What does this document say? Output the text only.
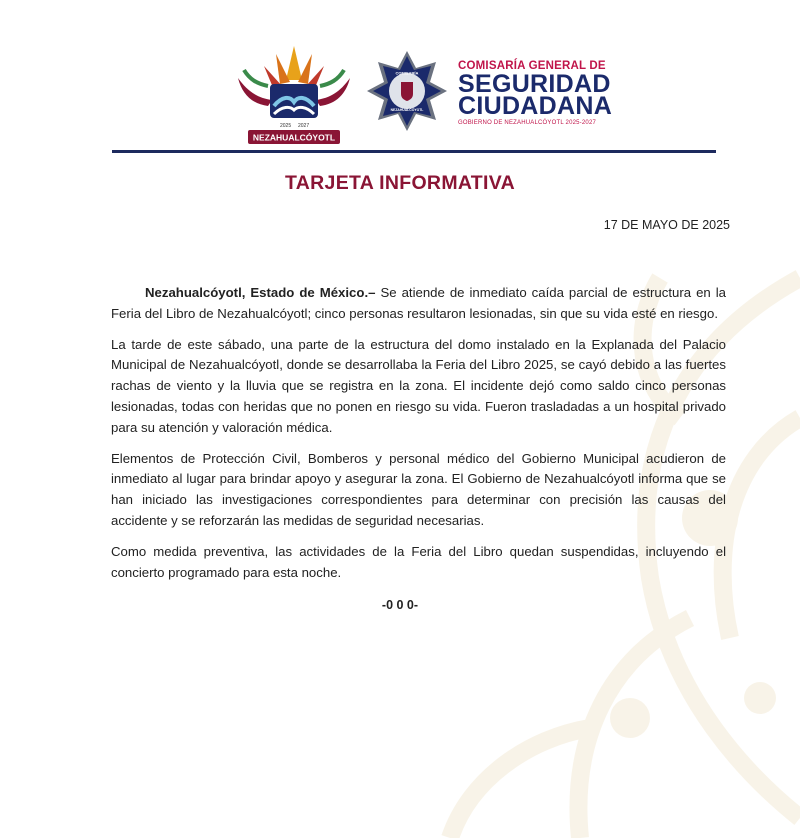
2025 2027
NEZAHUALCÓYOTL
COMISARÍA
NEZAHUALCÓYOTL
COMISARÍA GENERAL DE
SEGURIDAD
CIUDADANA
GOBIERNO DE NEZAHUALCÓYOTL 2025-2027
TARJETA INFORMATIVA
17 DE MAYO DE 2025

Nezahualcóyotl, Estado de México.– Se atiende de inmediato caída parcial de estructura en la Feria del Libro de Nezahualcóyotl; cinco personas resultaron lesionadas, sin que su vida esté en riesgo.

La tarde de este sábado, una parte de la estructura del domo instalado en la Explanada del Palacio Municipal de Nezahualcóyotl, donde se desarrollaba la Feria del Libro 2025, se cayó debido a las fuertes rachas de viento y la lluvia que se registra en la zona. El incidente dejó como saldo cinco personas lesionadas, todas con heridas que no ponen en riesgo su vida. Fueron trasladadas a un hospital privado para su atención y valoración médica.

Elementos de Protección Civil, Bomberos y personal médico del Gobierno Municipal acudieron de inmediato al lugar para brindar apoyo y asegurar la zona. El Gobierno de Nezahualcóyotl informa que se han iniciado las investigaciones correspondientes para determinar con precisión las causas del accidente y se reforzarán las medidas de seguridad necesarias.

Como medida preventiva, las actividades de la Feria del Libro quedan suspendidas, incluyendo el concierto programado para esta noche.

-0 0 0-
